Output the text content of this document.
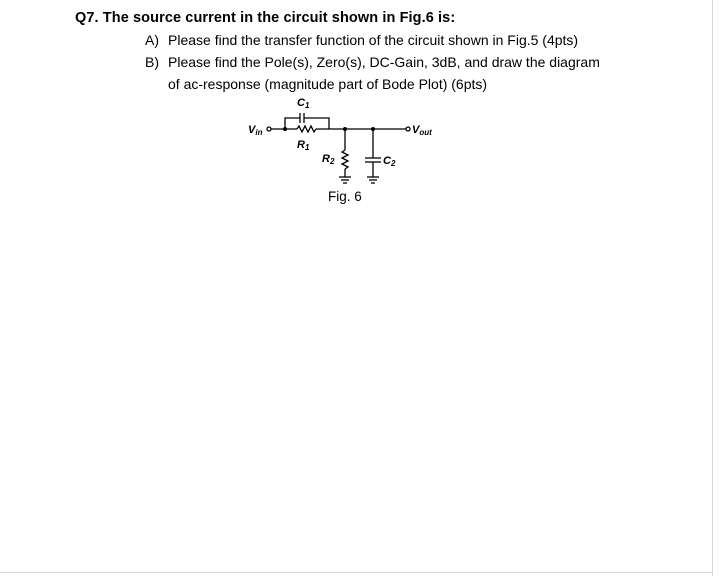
Q7. The source current in the circuit shown in Fig.6 is:
A) Please find the transfer function of the circuit shown in Fig.5 (4pts)
B) Please find the Pole(s), Zero(s), DC-Gain, 3dB, and draw the diagram
of ac-response (magnitude part of Bode Plot) (6pts)
Vin	Vout
C1
R1
R2	C2
Fig. 6
